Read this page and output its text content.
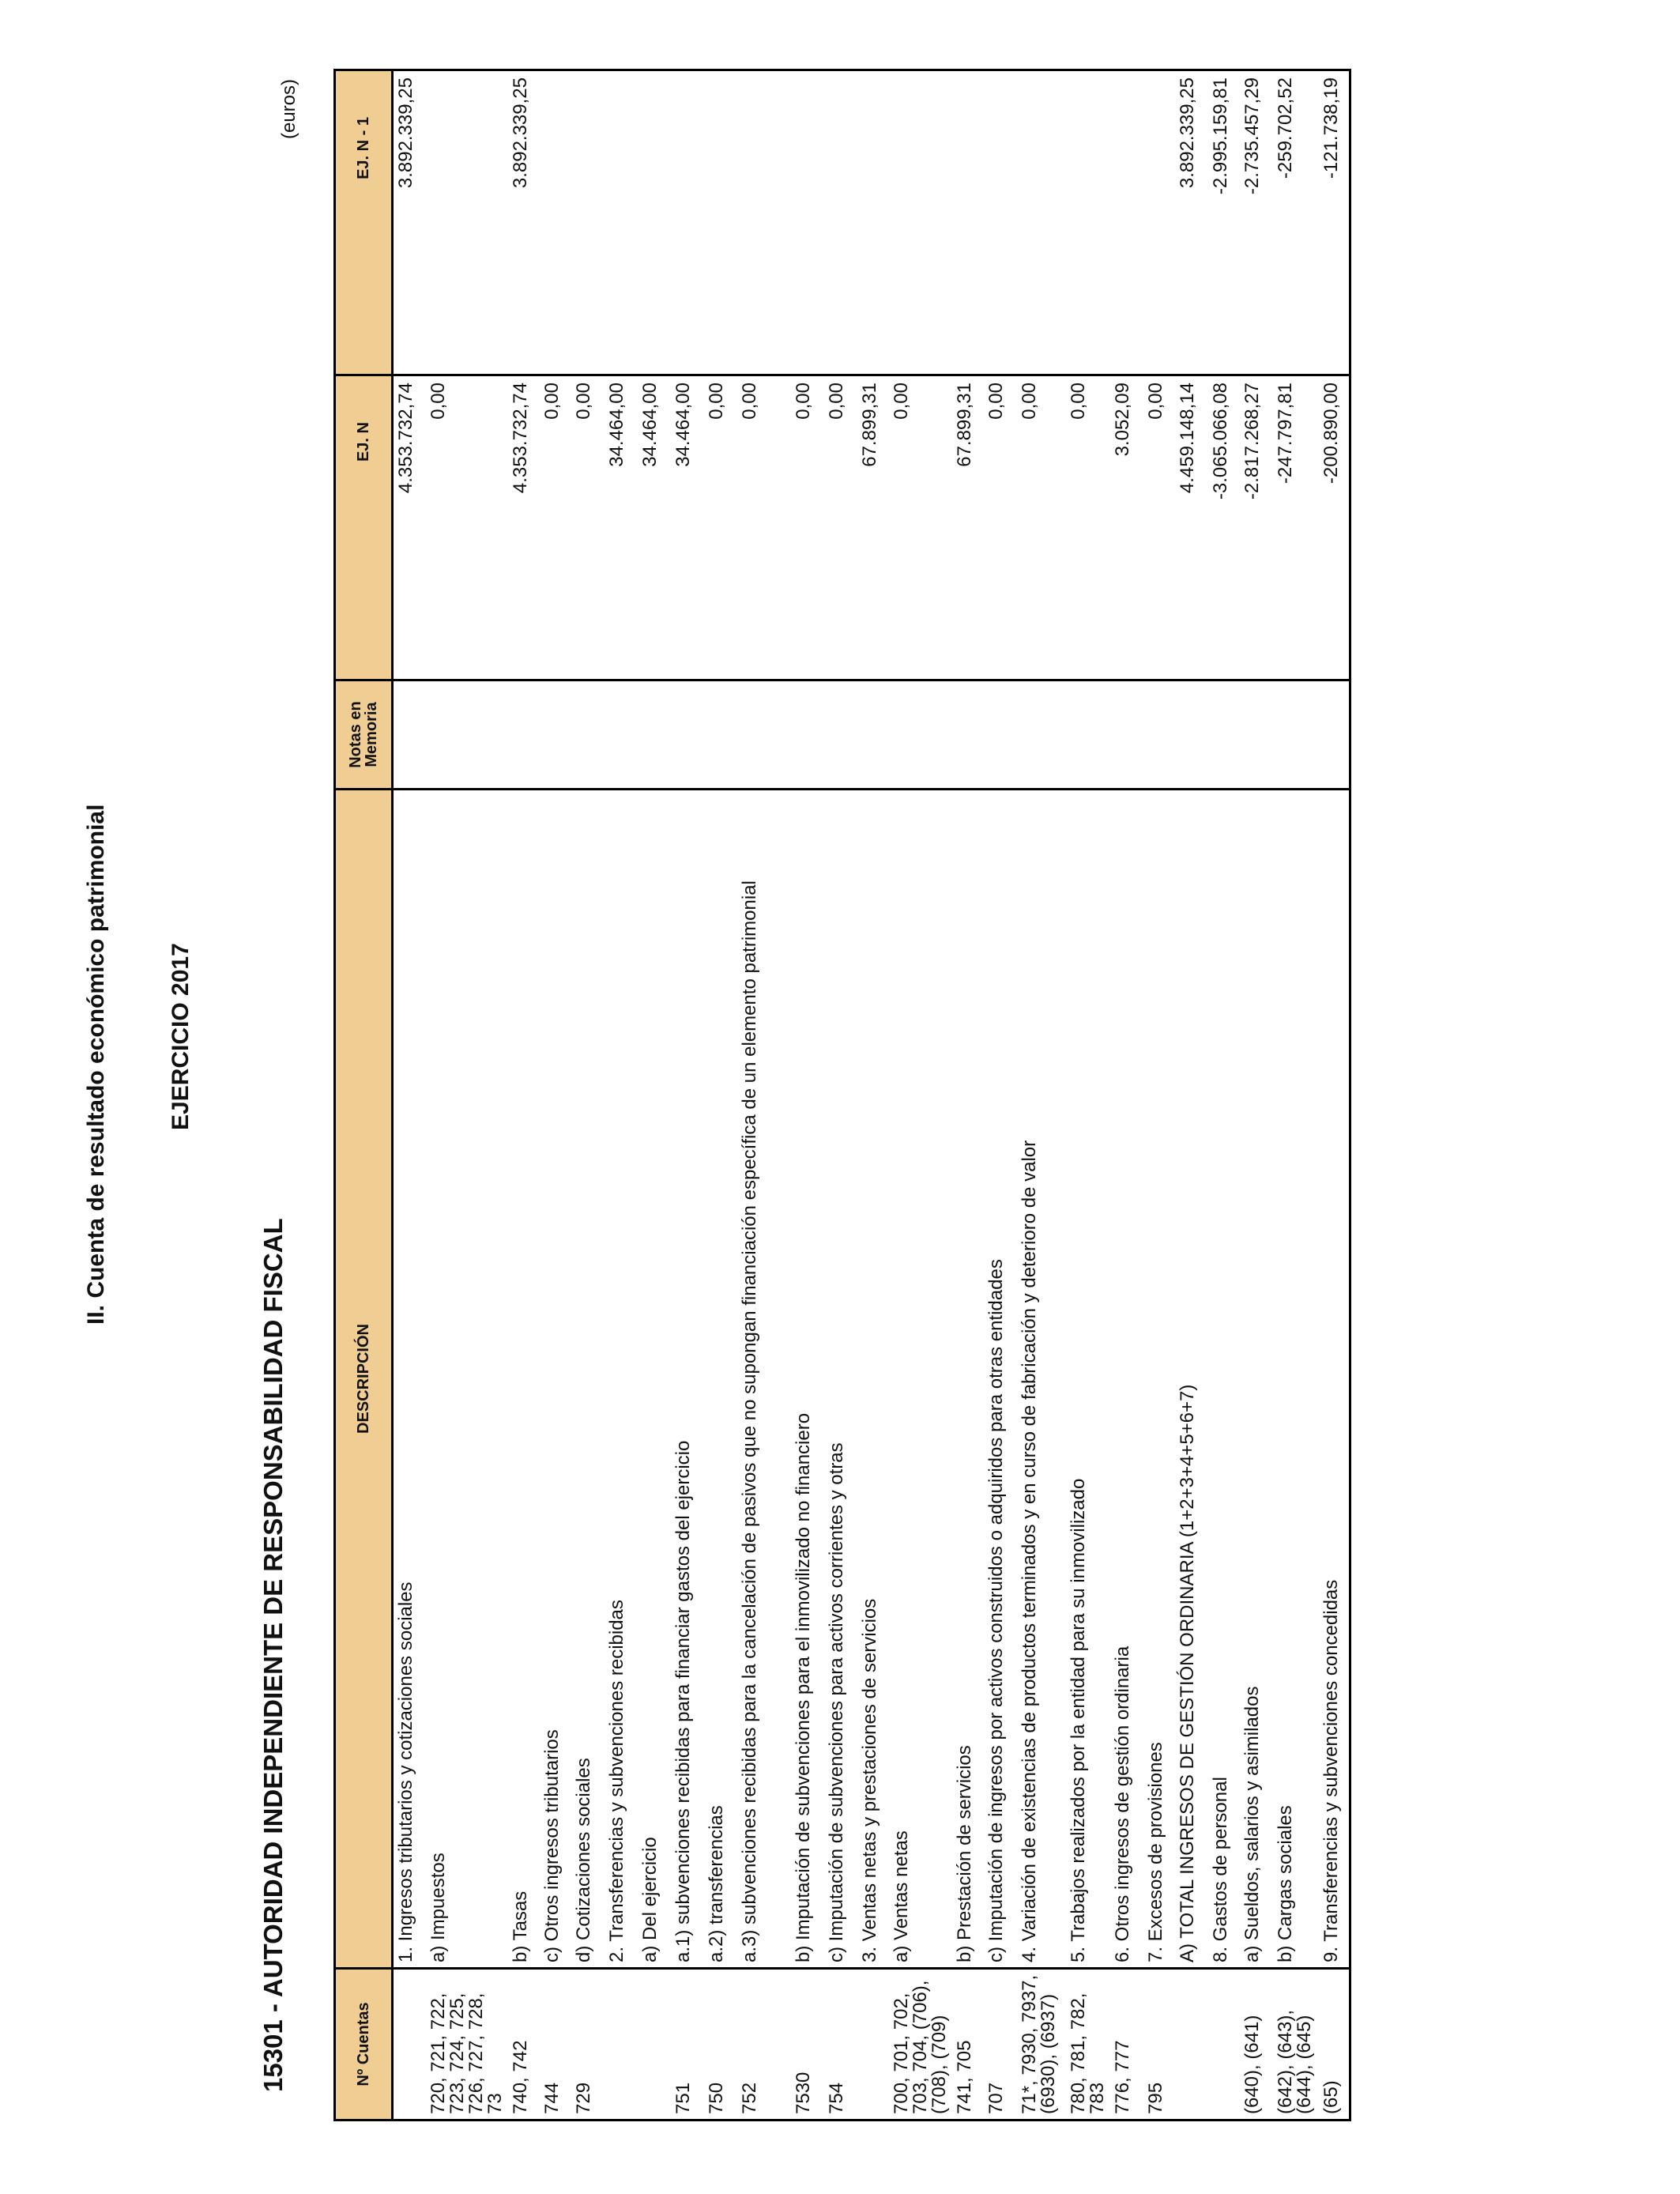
II. Cuenta de resultado económico patrimonial EJERCICIO 2017
15301 - AUTORIDAD INDEPENDIENTE DE RESPONSABILIDAD FISCAL
(euros)
Nº Cuentas	DESCRIPCIÓN	Notas en Memoria	EJ. N	EJ. N - 1
	1. Ingresos tributarios y cotizaciones sociales		4.353.732,74	3.892.339,25
720, 721, 722, 723, 724, 725, 726, 727, 728, 73	a) Impuestos		0,00	
740, 742	b) Tasas		4.353.732,74	3.892.339,25
744	c) Otros ingresos tributarios		0,00	
729	d) Cotizaciones sociales		0,00	
	2. Transferencias y subvenciones recibidas		34.464,00	
	a) Del ejercicio		34.464,00	
751	a.1) subvenciones recibidas para financiar gastos del ejercicio		34.464,00	
750	a.2) transferencias		0,00	
752	a.3) subvenciones recibidas para la cancelación de pasivos que no supongan financiación específica de un elemento patrimonial		0,00	
7530	b) Imputación de subvenciones para el inmovilizado no financiero		0,00	
754	c) Imputación de subvenciones para activos corrientes y otras		0,00	
	3. Ventas netas y prestaciones de servicios		67.899,31	
700, 701, 702, 703, 704, (706), (708), (709)	a) Ventas netas		0,00	
741, 705	b) Prestación de servicios		67.899,31	
707	c) Imputación de ingresos por activos construidos o adquiridos para otras entidades		0,00	
71*, 7930, 7937, (6930), (6937)	4. Variación de existencias de productos terminados y en curso de fabricación y deterioro de valor		0,00	
780, 781, 782, 783	5. Trabajos realizados por la entidad para su inmovilizado		0,00	
776, 777	6. Otros ingresos de gestión ordinaria		3.052,09	
795	7. Excesos de provisiones		0,00	
	A) TOTAL INGRESOS DE GESTIÓN ORDINARIA (1+2+3+4+5+6+7)		4.459.148,14	3.892.339,25
	8. Gastos de personal		-3.065.066,08	-2.995.159,81
(640), (641)	a) Sueldos, salarios y asimilados		-2.817.268,27	-2.735.457,29
(642), (643), (644), (645)	b) Cargas sociales		-247.797,81	-259.702,52
(65)	9. Transferencias y subvenciones concedidas		-200.890,00	-121.738,19
